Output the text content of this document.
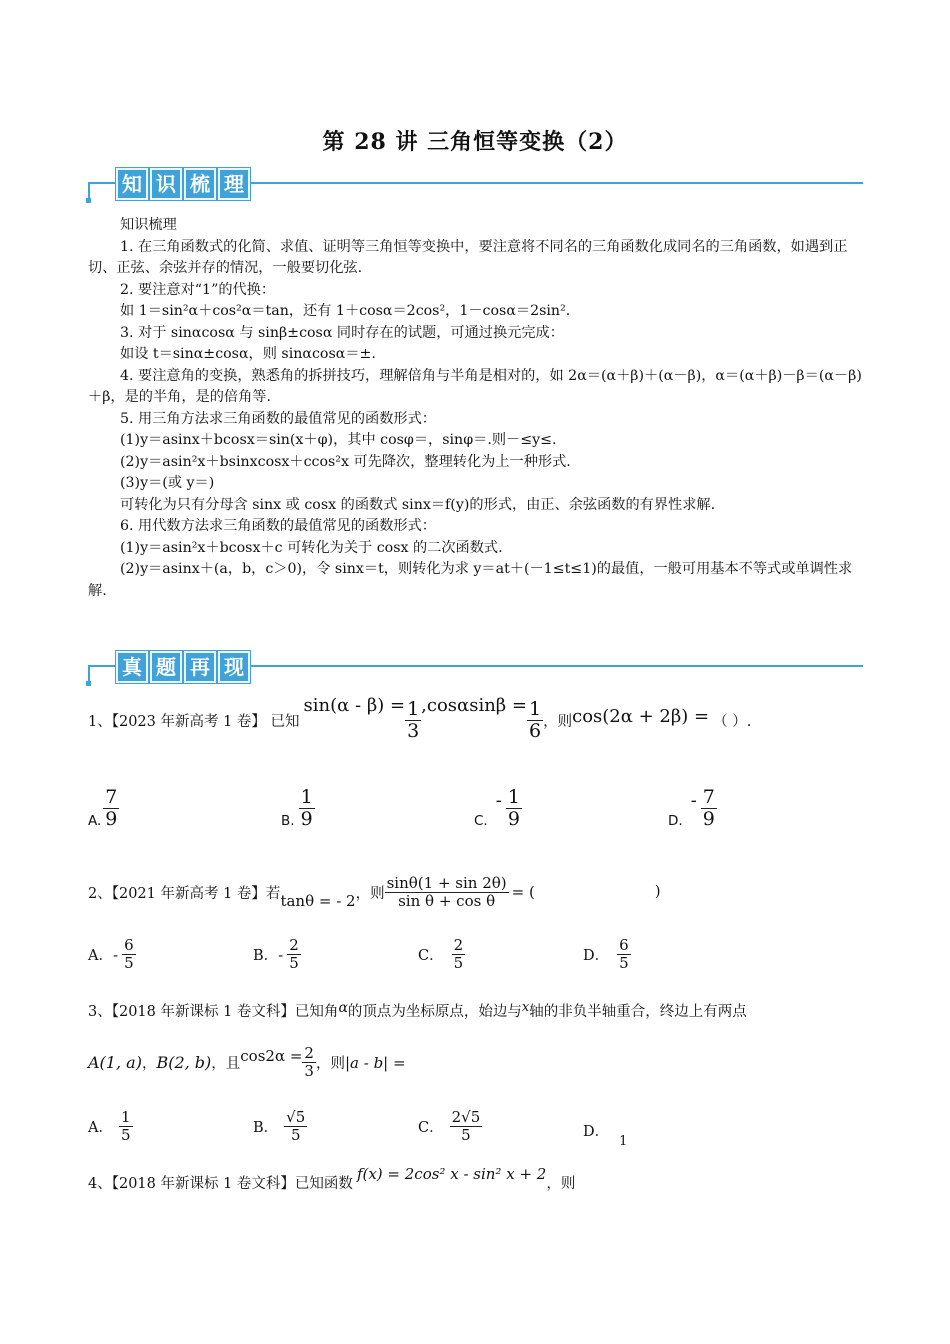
第 28 讲 三角恒等变换（2）
知 识 梳 理

知识梳理

1. 在三角函数式的化简、求值、证明等三角恒等变换中，要注意将不同名的三角函数化成同名的三角函数，如遇到正切、正弦、余弦并存的情况，一般要切化弦.

2. 要注意对“1”的代换：

如 1＝sin²α＋cos²α＝tan，还有 1＋cosα＝2cos²，1－cosα＝2sin².

3. 对于 sinαcosα 与 sinβ±cosα 同时存在的试题，可通过换元完成：

如设 t＝sinα±cosα，则 sinαcosα＝±.

4. 要注意角的变换，熟悉角的拆拼技巧，理解倍角与半角是相对的，如 2α＝(α＋β)＋(α－β)，α＝(α＋β)－β＝(α－β)＋β，是的半角，是的倍角等.

5. 用三角方法求三角函数的最值常见的函数形式：

(1)y＝asinx＋bcosx＝sin(x＋φ)，其中 cosφ＝，sinφ＝.则－≤y≤.

(2)y＝asin²x＋bsinxcosx＋ccos²x 可先降次，整理转化为上一种形式.

(3)y＝(或 y＝)

可转化为只有分母含 sinx 或 cosx 的函数式 sinx＝f(y)的形式，由正、余弦函数的有界性求解.

6. 用代数方法求三角函数的最值常见的函数形式：

(1)y＝asin²x＋bcosx＋c 可转化为关于 cosx 的二次函数式.

(2)y＝asinx＋(a，b，c＞0)，令 sinx＝t，则转化为求 y＝at＋(－1≤t≤1)的最值，一般可用基本不等式或单调性求解.

真 题 再 现
1、【2023 年新高考 1 卷】 已知
$\sin(\alpha - \beta) = \frac{1}{3} ,\cos\alpha\sin\beta = \frac{1}{6}$ ，则 cos(2α + 2β) = （ ）.
A. $\frac{7}{9}$	B. $\frac{1}{9}$	C.
- $\frac{1}{9}$	D.
- $\frac{7}{9}$
2、【2021 年新高考 1 卷】若 tanθ = - 2 ，则 $\frac{\sin\theta(1 + \sin 2\theta)}{\text{sin θ + cos θ}}$ = (	)
A． - $\frac{6}{5}$	B． - $\frac{2}{5}$	C． $\frac{2}{5}$	D． $\frac{6}{5}$
3、【2018 年新课标 1 卷文科】已知角α的顶点为坐标原点，始边与x轴的非负半轴重合，终边上有两点
A(1, a) ， B(2, b) ，且 $\cos 2\alpha = \frac{2}{3}$ ，则 |a - b| =
A． $\frac{1}{5}$	B． $\frac{√5}{5}$	C． $\frac{2√5}{5}$	D．
1
4、【2018 年新课标 1 卷文科】已知函数
f(x) = 2cos² x - sin² x + 2
，则
